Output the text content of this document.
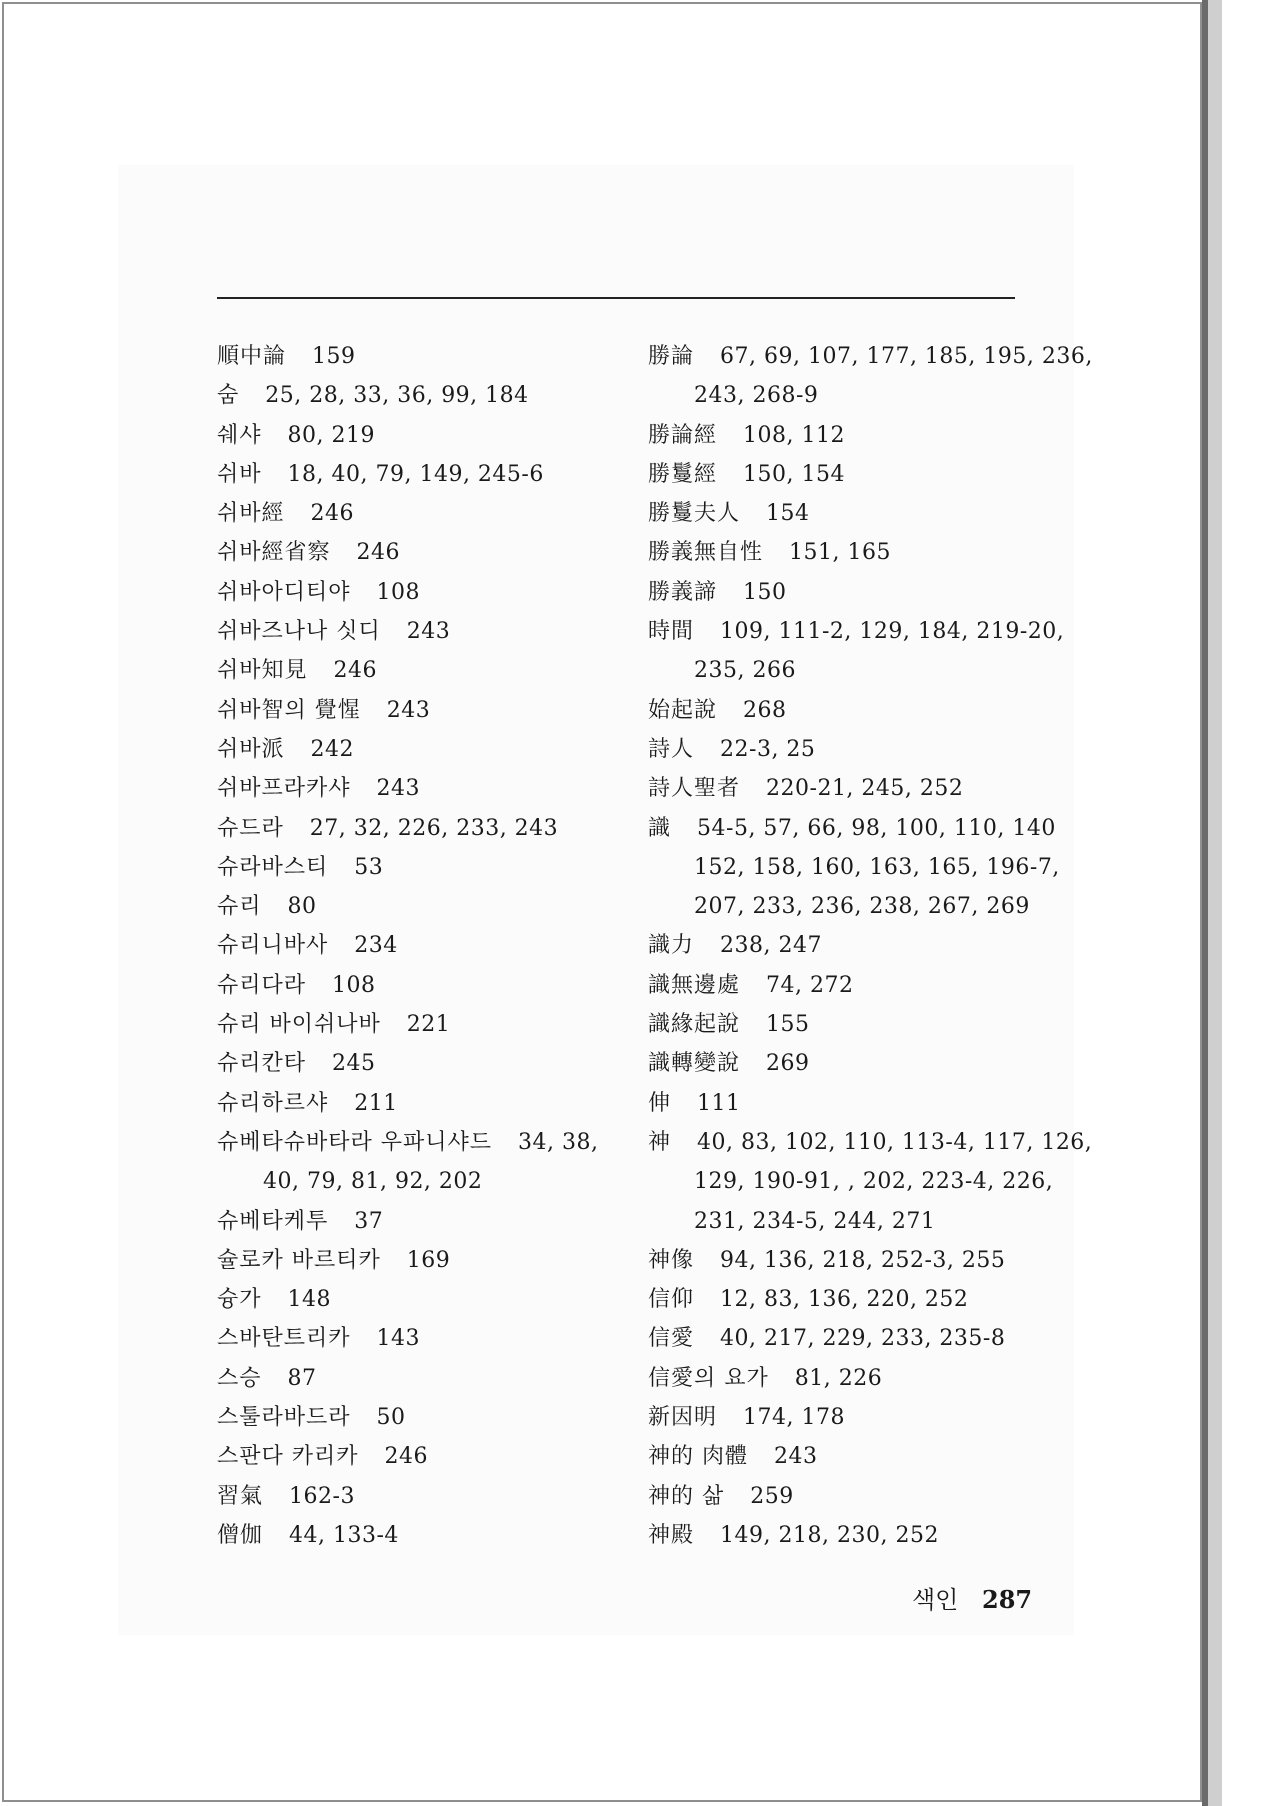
順中論 159
숨 25, 28, 33, 36, 99, 184
쉐샤 80, 219
쉬바 18, 40, 79, 149, 245-6
쉬바經 246
쉬바經省察 246
쉬바아디티야 108
쉬바즈나나 싯디 243
쉬바知見 246
쉬바智의 覺惺 243
쉬바派 242
쉬바프라카샤 243
슈드라 27, 32, 226, 233, 243
슈라바스티 53
슈리 80
슈리니바사 234
슈리다라 108
슈리 바이쉬나바 221
슈리칸타 245
슈리하르샤 211
슈베타슈바타라 우파니샤드 34, 38,
40, 79, 81, 92, 202
슈베타케투 37
슐로카 바르티카 169
슝가 148
스바탄트리카 143
스승 87
스툴라바드라 50
스판다 카리카 246
習氣 162-3
僧伽 44, 133-4
勝論 67, 69, 107, 177, 185, 195, 236,
243, 268-9
勝論經 108, 112
勝鬘經 150, 154
勝鬘夫人 154
勝義無自性 151, 165
勝義諦 150
時間 109, 111-2, 129, 184, 219-20,
235, 266
始起說 268
詩人 22-3, 25
詩人聖者 220-21, 245, 252
識 54-5, 57, 66, 98, 100, 110, 140
152, 158, 160, 163, 165, 196-7,
207, 233, 236, 238, 267, 269
識力 238, 247
識無邊處 74, 272
識緣起說 155
識轉變說 269
伸 111
神 40, 83, 102, 110, 113-4, 117, 126,
129, 190-91, , 202, 223-4, 226,
231, 234-5, 244, 271
神像 94, 136, 218, 252-3, 255
信仰 12, 83, 136, 220, 252
信愛 40, 217, 229, 233, 235-8
信愛의 요가 81, 226
新因明 174, 178
神的 肉體 243
神的 삶 259
神殿 149, 218, 230, 252
색인 287
